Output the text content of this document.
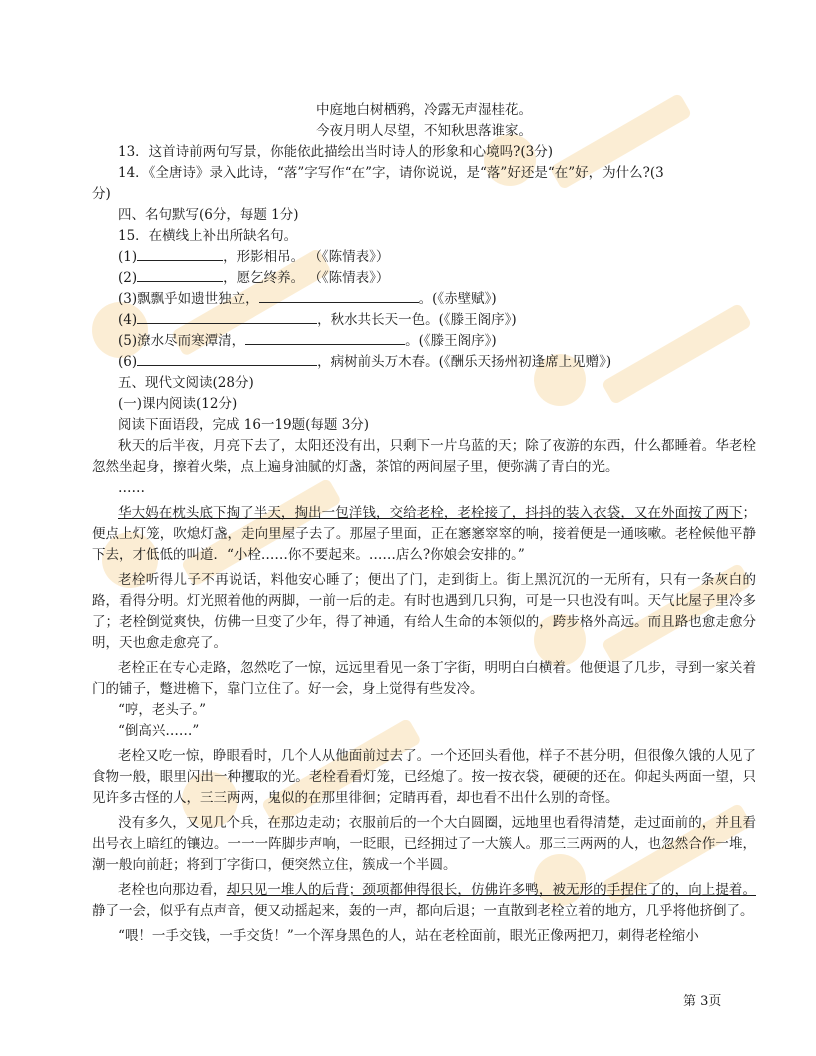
中庭地白树栖鸦，冷露无声湿桂花。
今夜月明人尽望，不知秋思落谁家。
13．这首诗前两句写景，你能依此描绘出当时诗人的形象和心境吗?(3分)
14．《全唐诗》录入此诗，“落”字写作“在”字，请你说说，是“落”好还是“在”好，为什么?(3
分)
四、名句默写(6分，每题 1分)
15．在横线上补出所缺名句。
(1)	，形影相吊。 （《陈情表》）
(2)	，愿乞终养。 （《陈情表》）
(3)飘飘乎如遗世独立，	。(《赤壁赋》)
(4)	，秋水共长天一色。(《滕王阁序》)
(5)潦水尽而寒潭清，	。(《滕王阁序》)
(6)	，病树前头万木春。(《酬乐天扬州初逢席上见赠》)
五、现代文阅读(28分)
(一)课内阅读(12分)
阅读下面语段，完成 16一19题(每题 3分)
秋天的后半夜，月亮下去了，太阳还没有出，只剩下一片乌蓝的天；除了夜游的东西，什么都睡着。华老栓忽然坐起身，擦着火柴，点上遍身油腻的灯盏，茶馆的两间屋子里，便弥满了青白的光。
……
华大妈在枕头底下掏了半天，掏出一包洋钱，交给老栓，老栓接了，抖抖的装入衣袋，又在外面按了两下；便点上灯笼，吹熄灯盏，走向里屋子去了。那屋子里面，正在窸窸窣窣的响，接着便是一通咳嗽。老栓候他平静下去，才低低的叫道．“小栓……你不要起来。……店么?你娘会安排的。”
老栓听得儿子不再说话，料他安心睡了；便出了门，走到街上。街上黑沉沉的一无所有，只有一条灰白的路，看得分明。灯光照着他的两脚，一前一后的走。有时也遇到几只狗，可是一只也没有叫。天气比屋子里冷多了；老栓倒觉爽快，仿佛一旦变了少年，得了神通，有给人生命的本领似的，跨步格外高远。而且路也愈走愈分明，天也愈走愈亮了。
老栓正在专心走路，忽然吃了一惊，远远里看见一条丁字街，明明白白横着。他便退了几步，寻到一家关着门的铺子，蹩进檐下，靠门立住了。好一会，身上觉得有些发冷。
“哼，老头子。”
“倒高兴……”
老栓又吃一惊，睁眼看时，几个人从他面前过去了。一个还回头看他，样子不甚分明，但很像久饿的人见了食物一般，眼里闪出一种攫取的光。老栓看看灯笼，已经熄了。按一按衣袋，硬硬的还在。仰起头两面一望，只见许多古怪的人，三三两两，鬼似的在那里徘徊；定睛再看，却也看不出什么别的奇怪。
没有多久，又见几个兵，在那边走动；衣服前后的一个大白圆圈，远地里也看得清楚，走过面前的，并且看出号衣上暗红的镶边。一一一阵脚步声响，一眨眼，已经拥过了一大簇人。那三三两两的人，也忽然合作一堆，潮一般向前赶；将到丁字街口，便突然立住，簇成一个半圆。
老栓也向那边看，却只见一堆人的后背；颈项都伸得很长，仿佛许多鸭，被无形的手捏住了的，向上提着。静了一会，似乎有点声音，便又动摇起来，轰的一声，都向后退；一直散到老栓立着的地方，几乎将他挤倒了。
“喂！一手交钱，一手交货！”一个浑身黑色的人，站在老栓面前，眼光正像两把刀，刺得老栓缩小
第 3页
